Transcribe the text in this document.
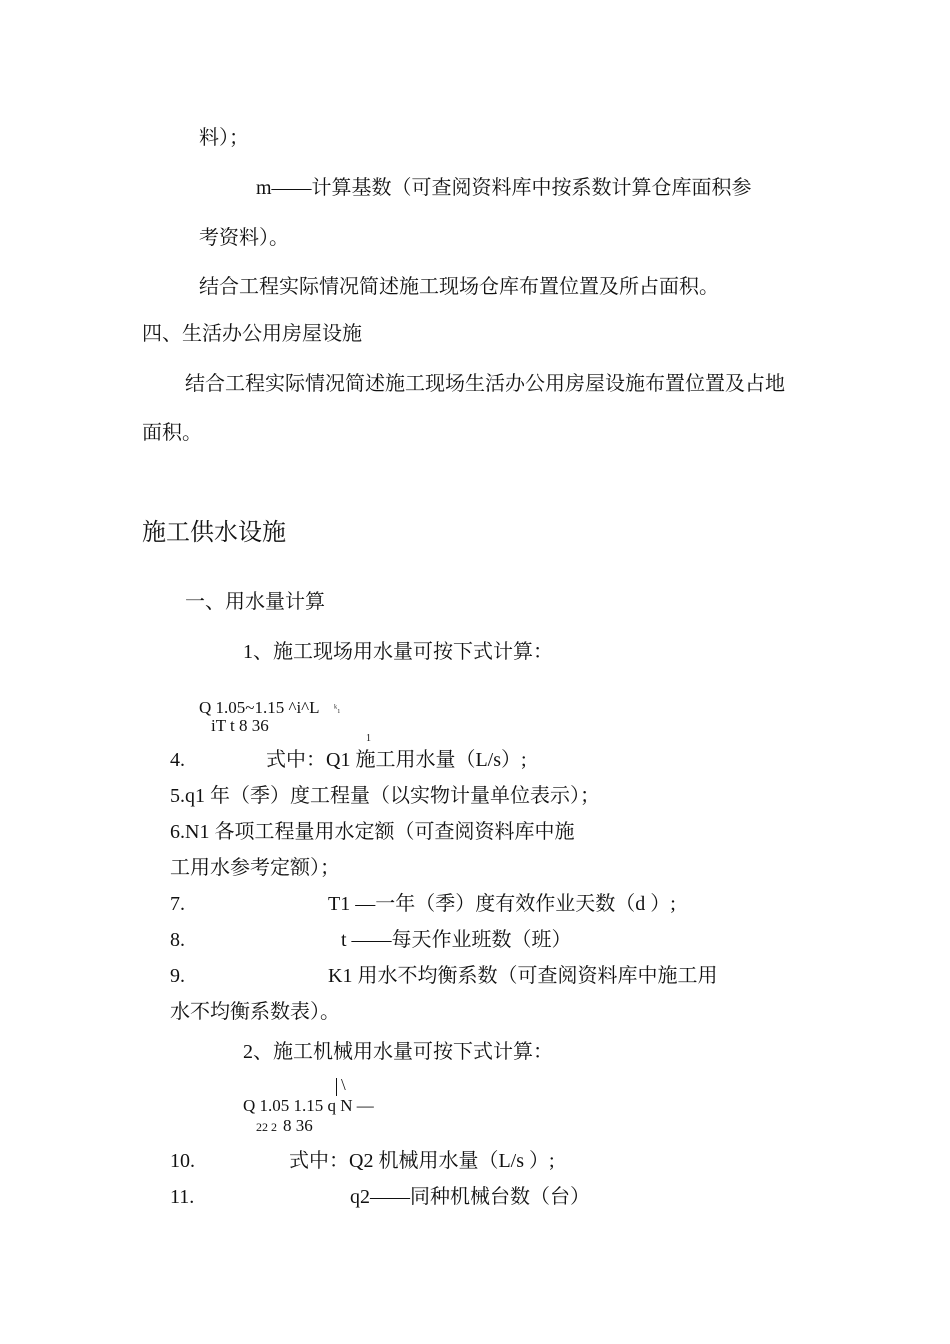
料）；
m——计算基数（可查阅资料库中按系数计算仓库面积参
考资料）。
结合工程实际情况简述施工现场仓库布置位置及所占面积。
四、生活办公用房屋设施
结合工程实际情况简述施工现场生活办公用房屋设施布置位置及占地
面积。
施工供水设施
一、用水量计算
1、施工现场用水量可按下式计算：
Q 1.05~1.15 ^i^L ᵏ₁
iT t 8 36
1
4.	式中：Q1 施工用水量（L/s）;
5.q1 年（季）度工程量（以实物计量单位表示）；
6.N1 各项工程量用水定额（可查阅资料库中施
工用水参考定额）；
7.	T1 —一年（季）度有效作业天数（d ）;
8.	t ——每天作业班数（班）
9.	K1 用水不均衡系数（可查阅资料库中施工用
水不均衡系数表）。
2、施工机械用水量可按下式计算：
\
Q 1.05 1.15 q N —
22 2 8 36
10.	式中：Q2 机械用水量（L/s ）;
11.	q2——同种机械台数（台）
